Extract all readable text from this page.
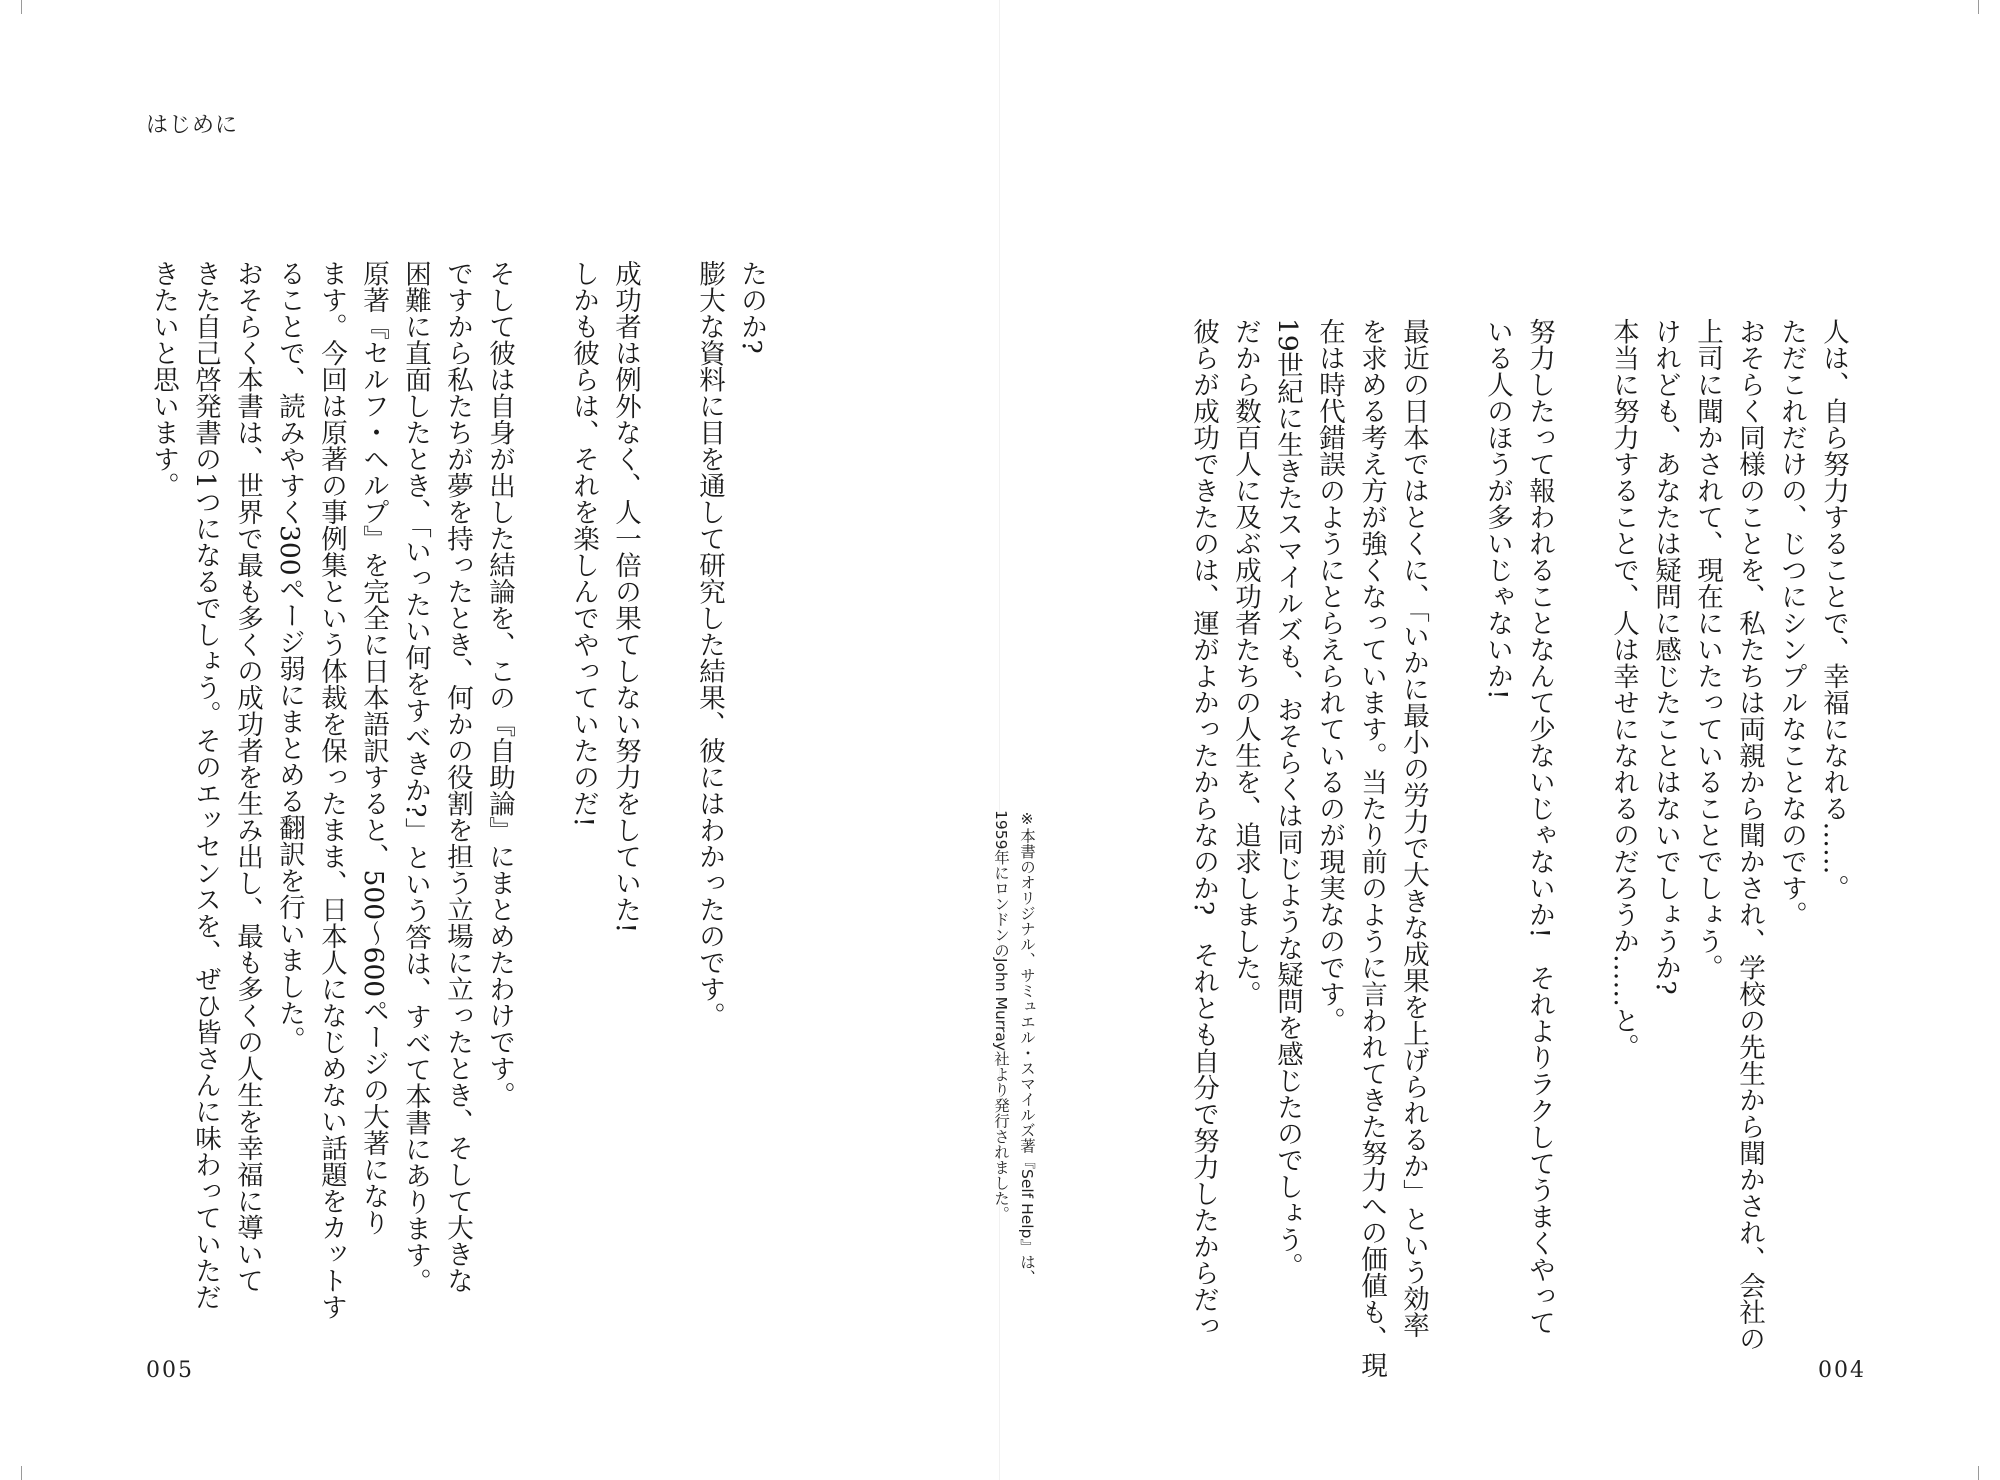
はじめに
人は、自ら努力することで、幸福になれる……。
ただこれだけの、じつにシンプルなことなのです。
おそらく同様のことを、私たちは両親から聞かされ、学校の先生から聞かされ、会社の
上司に聞かされて、現在にいたっていることでしょう。
けれども、あなたは疑問に感じたことはないでしょうか?
本当に努力することで、人は幸せになれるのだろうか……と。
努力したって報われることなんて少ないじゃないか!　それよりラクしてうまくやって
いる人のほうが多いじゃないか!
最近の日本ではとくに、「いかに最小の労力で大きな成果を上げられるか」という効率
を求める考え方が強くなっています。当たり前のように言われてきた努力への価値も、現
在は時代錯誤のようにとらえられているのが現実なのです。
19世紀に生きたスマイルズも、おそらくは同じような疑問を感じたのでしょう。
だから数百人に及ぶ成功者たちの人生を、追求しました。
彼らが成功できたのは、運がよかったからなのか?　それとも自分で努力したからだっ
たのか?
膨大な資料に目を通して研究した結果、彼にはわかったのです。
成功者は例外なく、人一倍の果てしない努力をしていた!
しかも彼らは、それを楽しんでやっていたのだ!
そして彼は自身が出した結論を、この『自助論』にまとめたわけです。
ですから私たちが夢を持ったとき、何かの役割を担う立場に立ったとき、そして大きな
困難に直面したとき、「いったい何をすべきか?」という答は、すべて本書にあります。
原著『セルフ・ヘルプ』を完全に日本語訳すると、500〜600ページの大著になり
ます。今回は原著の事例集という体裁を保ったまま、日本人になじめない話題をカットす
ることで、読みやすく300ページ弱にまとめる翻訳を行いました。
おそらく本書は、世界で最も多くの成功者を生み出し、最も多くの人生を幸福に導いて
きた自己啓発書の1つになるでしょう。そのエッセンスを、ぜひ皆さんに味わっていただ
きたいと思います。
※本書のオリジナル、サミュエル・スマイルズ著『Self Help』は、
1959年にロンドンのJohn Murray社より発行されました。
005	004
